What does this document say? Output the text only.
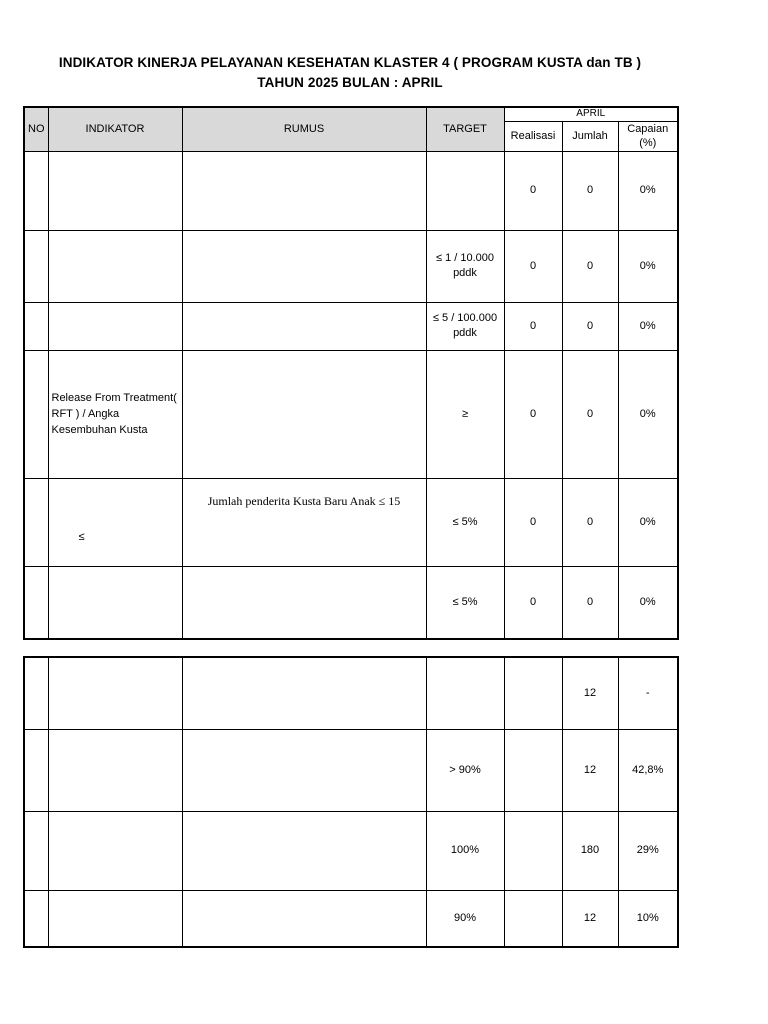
INDIKATOR KINERJA PELAYANAN KESEHATAN KLASTER 4 ( PROGRAM KUSTA dan TB )
TAHUN 2025 BULAN : APRIL
NO	INDIKATOR	RUMUS	TARGET	APRIL		
				Realisasi	Jumlah	Capaian (%)
				0	0	0%
			≤ 1 / 10.000 pddk	0	0	0%
			≤ 5 / 100.000 pddk	0	0	0%
	Release From Treatment( RFT ) / Angka Kesembuhan Kusta		≥	0	0	0%
	≤	Jumlah penderita Kusta Baru Anak ≤ 15	≤ 5%	0	0	0%
			≤ 5%	0	0	0%
					12	-
			> 90%		12	42,8%
			100%		180	29%
			90%		12	10%
